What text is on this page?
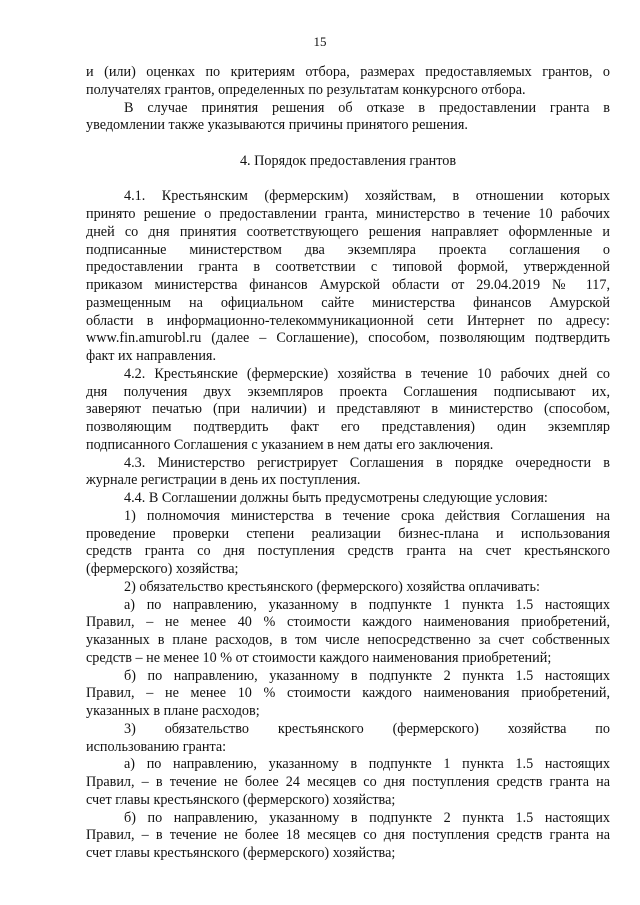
15
и (или) оценках по критериям отбора, размерах предоставляемых грантов, о
получателях грантов, определенных по результатам конкурсного отбора.
В случае принятия решения об отказе в предоставлении гранта в
уведомлении также указываются причины принятого решения.
4. Порядок предоставления грантов
4.1. Крестьянским (фермерским) хозяйствам, в отношении которых
принято решение о предоставлении гранта, министерство в течение 10 рабочих
дней со дня принятия соответствующего решения направляет оформленные и
подписанные министерством два экземпляра проекта соглашения о
предоставлении гранта в соответствии с типовой формой, утвержденной
приказом министерства финансов Амурской области от 29.04.2019 № 117,
размещенным на официальном сайте министерства финансов Амурской
области в информационно-телекоммуникационной сети Интернет по адресу:
www.fin.amurobl.ru (далее – Соглашение), способом, позволяющим подтвердить
факт их направления.
4.2. Крестьянские (фермерские) хозяйства в течение 10 рабочих дней со
дня получения двух экземпляров проекта Соглашения подписывают их,
заверяют печатью (при наличии) и представляют в министерство (способом,
позволяющим подтвердить факт его представления) один экземпляр
подписанного Соглашения с указанием в нем даты его заключения.
4.3. Министерство регистрирует Соглашения в порядке очередности в
журнале регистрации в день их поступления.
4.4. В Соглашении должны быть предусмотрены следующие условия:
1) полномочия министерства в течение срока действия Соглашения на
проведение проверки степени реализации бизнес-плана и использования
средств гранта со дня поступления средств гранта на счет крестьянского
(фермерского) хозяйства;
2) обязательство крестьянского (фермерского) хозяйства оплачивать:
а) по направлению, указанному в подпункте 1 пункта 1.5 настоящих
Правил, – не менее 40 % стоимости каждого наименования приобретений,
указанных в плане расходов, в том числе непосредственно за счет собственных
средств – не менее 10 % от стоимости каждого наименования приобретений;
б) по направлению, указанному в подпункте 2 пункта 1.5 настоящих
Правил, – не менее 10 % стоимости каждого наименования приобретений,
указанных в плане расходов;
3) обязательство крестьянского (фермерского) хозяйства по
использованию гранта:
а) по направлению, указанному в подпункте 1 пункта 1.5 настоящих
Правил, – в течение не более 24 месяцев со дня поступления средств гранта на
счет главы крестьянского (фермерского) хозяйства;
б) по направлению, указанному в подпункте 2 пункта 1.5 настоящих
Правил, – в течение не более 18 месяцев со дня поступления средств гранта на
счет главы крестьянского (фермерского) хозяйства;
